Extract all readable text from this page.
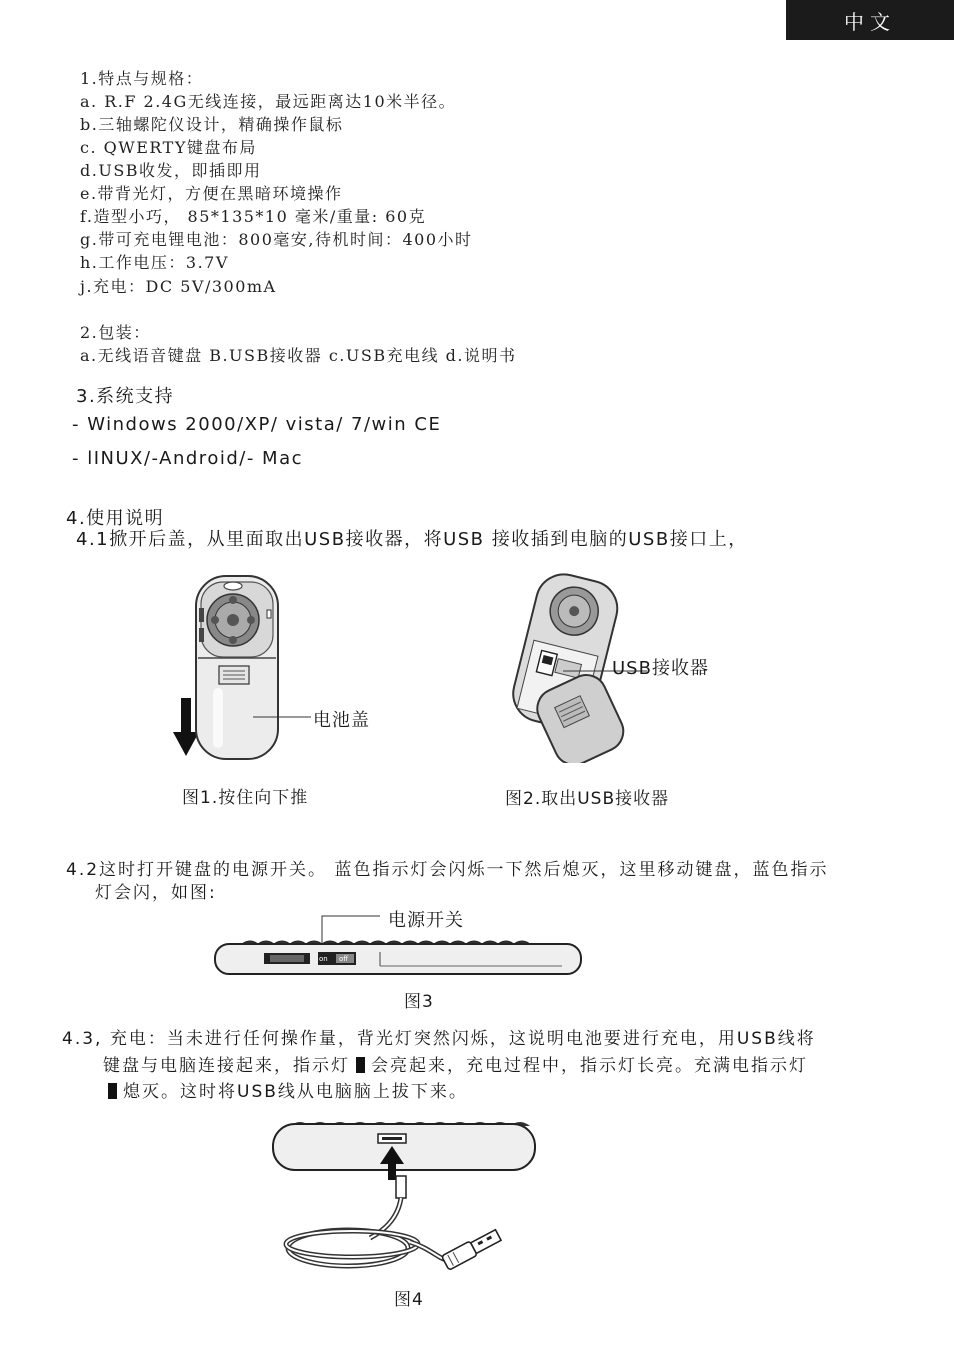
中文
1.特点与规格：
a. R.F 2.4G无线连接，最远距离达10米半径。
b.三轴螺陀仪设计，精确操作鼠标
c. QWERTY键盘布局
d.USB收发，即插即用
e.带背光灯，方便在黑暗环境操作
f.造型小巧， 85*135*10 毫米/重量: 60克
g.带可充电锂电池：800毫安,待机时间：400小时
h.工作电压：3.7V
j.充电：DC 5V/300mA
2.包装：
a.无线语音键盘 B.USB接收器 c.USB充电线 d.说明书
3.系统支持
- Windows 2000/XP/ vista/ 7/win CE
- lINUX/-Android/- Mac
4.使用说明
4.1掀开后盖，从里面取出USB接收器，将USB 接收插到电脑的USB接口上，
电池盖
图1.按住向下推
USB接收器
图2.取出USB接收器
4.2这时打开键盘的电源开关。 蓝色指示灯会闪烁一下然后熄灭，这里移动键盘，蓝色指示
灯会闪，如图:
on off
电源开关
图3
4.3, 充电：当未进行任何操作量，背光灯突然闪烁，这说明电池要进行充电，用USB线将
键盘与电脑连接起来，指示灯 会亮起来，充电过程中，指示灯长亮。充满电指示灯
熄灭。这时将USB线从电脑脑上拔下来。
图4
